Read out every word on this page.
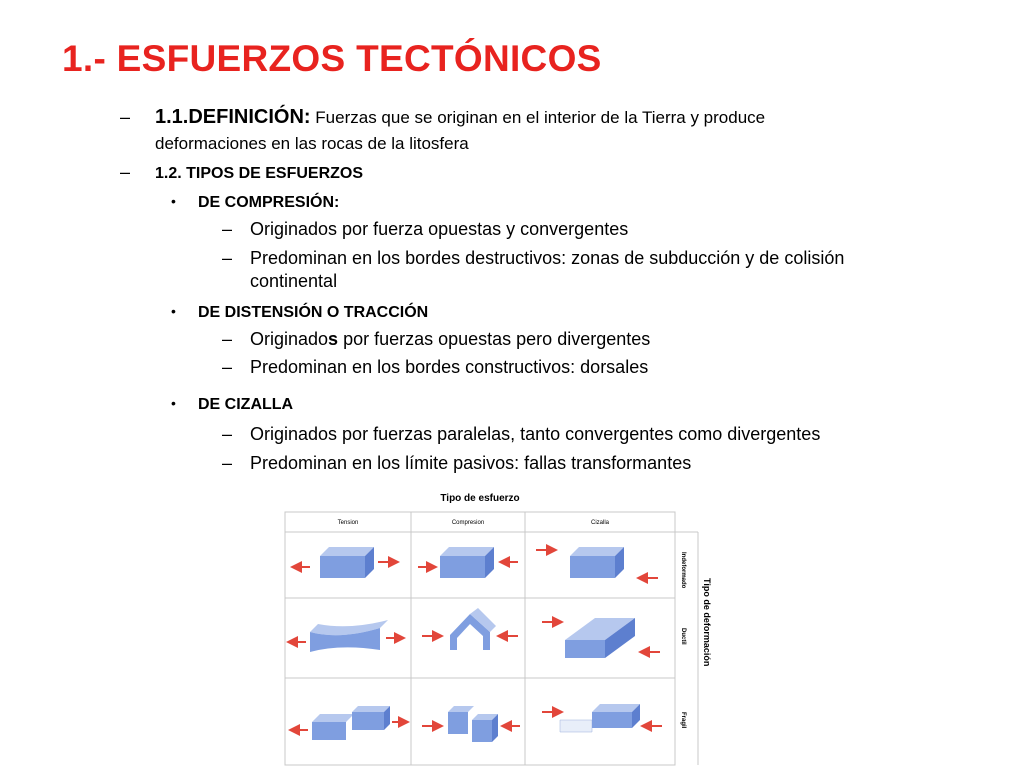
1.- ESFUERZOS TECTÓNICOS
– 1.1.DEFINICIÓN: Fuerzas que se originan en el interior de la Tierra y produce
deformaciones en las rocas de la litosfera
– 1.2. TIPOS DE ESFUERZOS
• DE COMPRESIÓN:
– Originados por fuerza opuestas y convergentes
– Predominan en los bordes destructivos: zonas de subducción y de colisión
continental
• DE DISTENSIÓN O TRACCIÓN
– Originados por fuerzas opuestas pero divergentes
– Predominan en los bordes constructivos: dorsales
• DE CIZALLA
– Originados por fuerzas paralelas, tanto convergentes como divergentes
– Predominan en los límite pasivos: fallas transformantes
Tipo de esfuerzo
Tension	Compresion	Cizalla
Indeformado
Ductil
Fragil
Tipo de deformación
